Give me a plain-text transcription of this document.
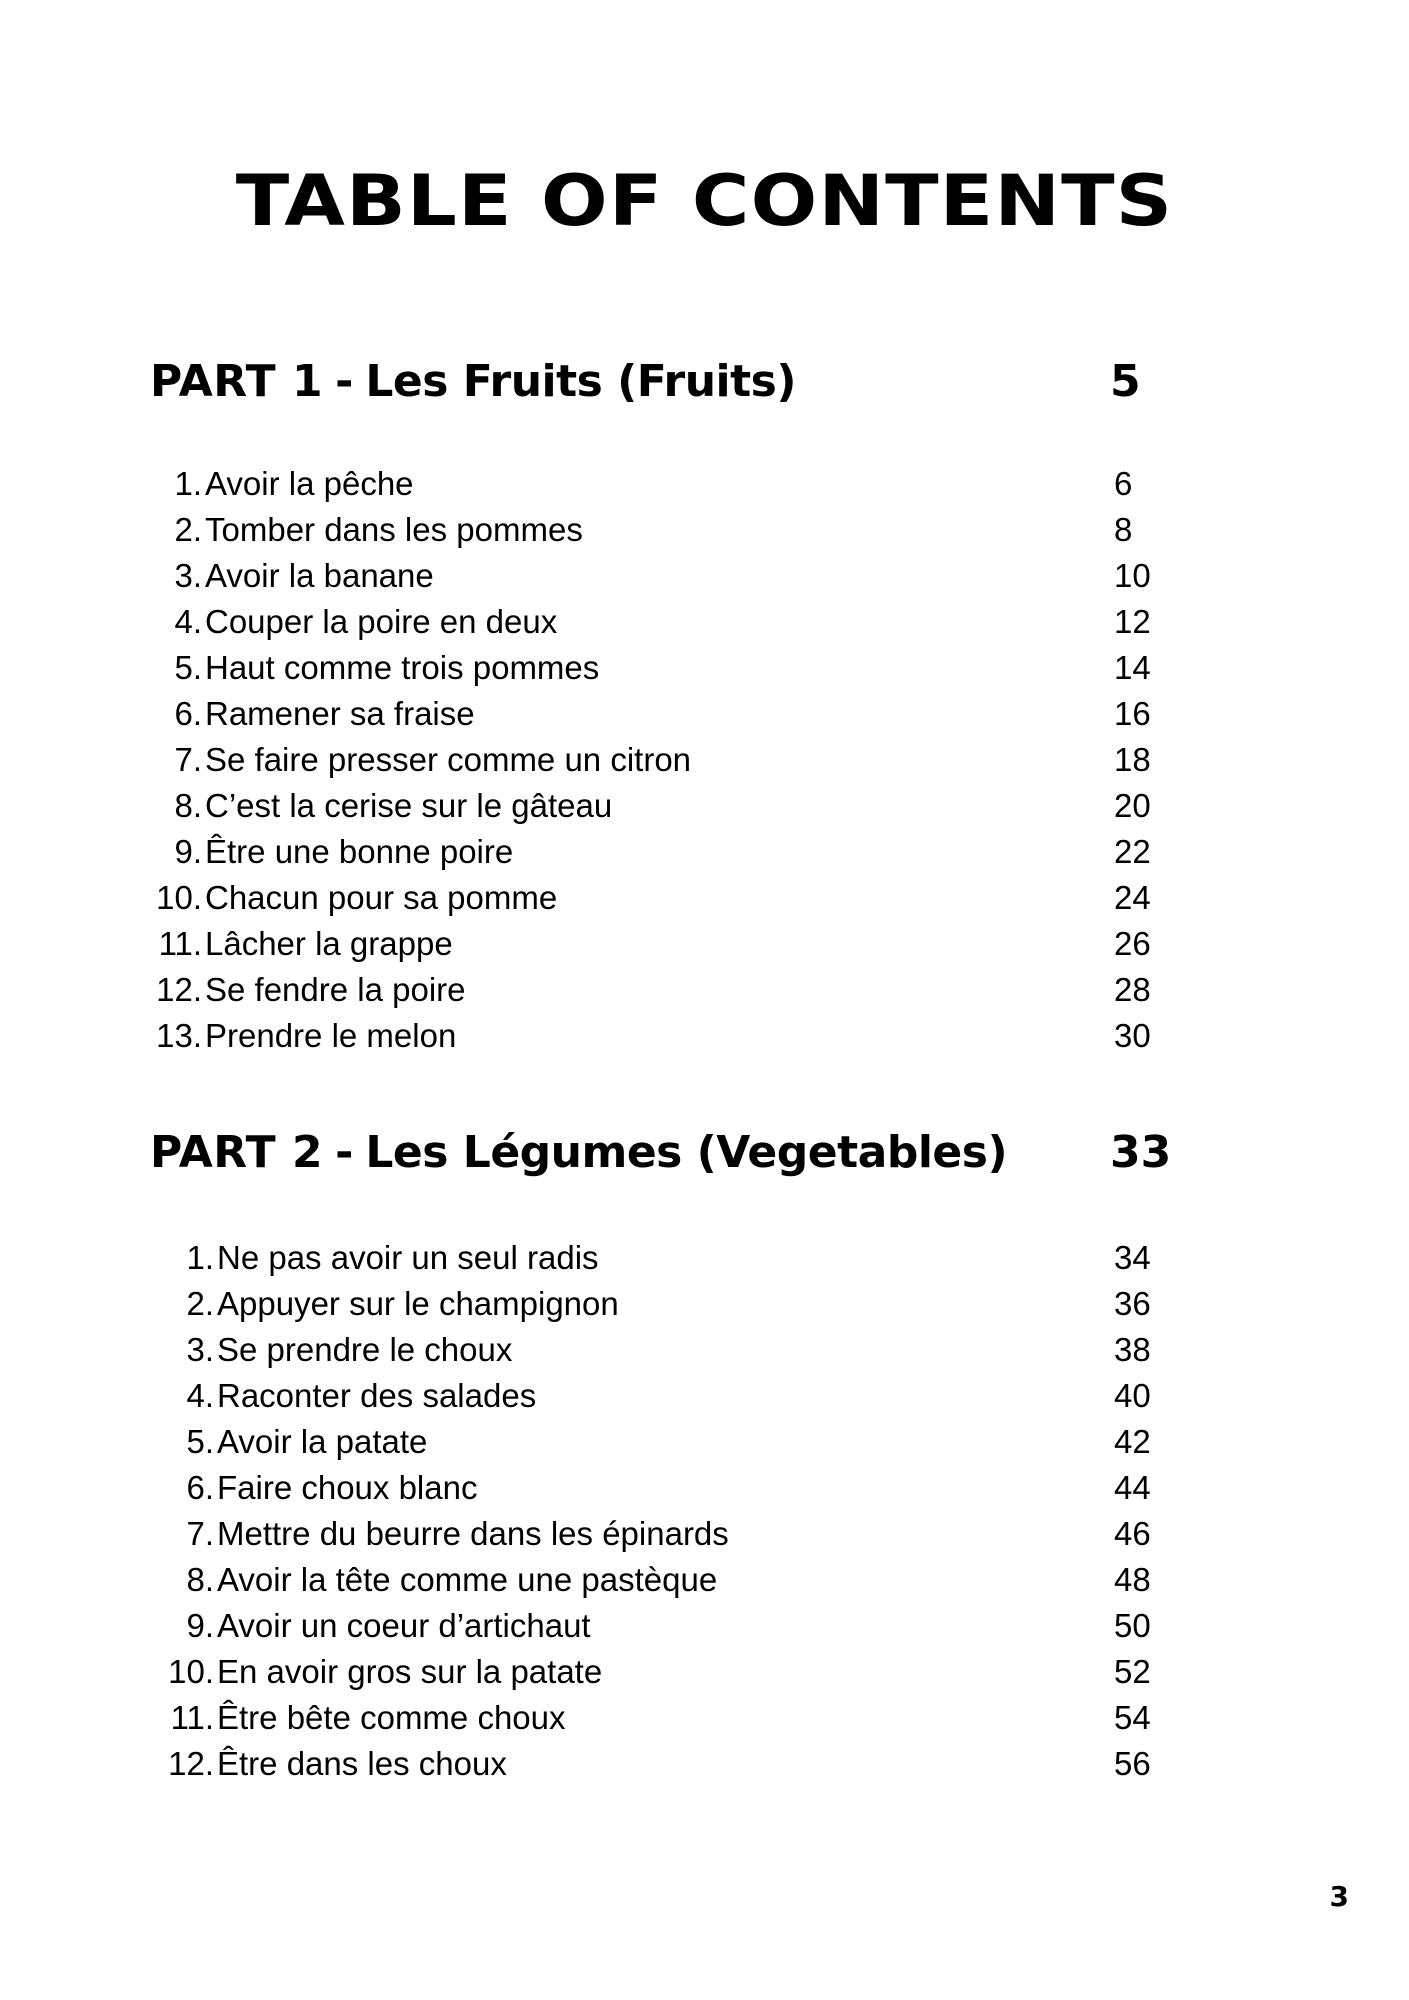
TABLE OF CONTENTS
PART 1 - Les Fruits (Fruits)	5
1. Avoir la pêche	6
2. Tomber dans les pommes	8
3. Avoir la banane	10
4. Couper la poire en deux	12
5. Haut comme trois pommes	14
6. Ramener sa fraise	16
7. Se faire presser comme un citron	18
8. C’est la cerise sur le gâteau	20
9. Être une bonne poire	22
10. Chacun pour sa pomme	24
11. Lâcher la grappe	26
12. Se fendre la poire	28
13. Prendre le melon	30
PART 2 - Les Légumes (Vegetables) 33
1. Ne pas avoir un seul radis	34
2. Appuyer sur le champignon	36
3. Se prendre le choux	38
4. Raconter des salades	40
5. Avoir la patate	42
6. Faire choux blanc	44
7. Mettre du beurre dans les épinards	46
8. Avoir la tête comme une pastèque	48
9. Avoir un coeur d’artichaut	50
10. En avoir gros sur la patate	52
11. Être bête comme choux	54
12. Être dans les choux	56
3
